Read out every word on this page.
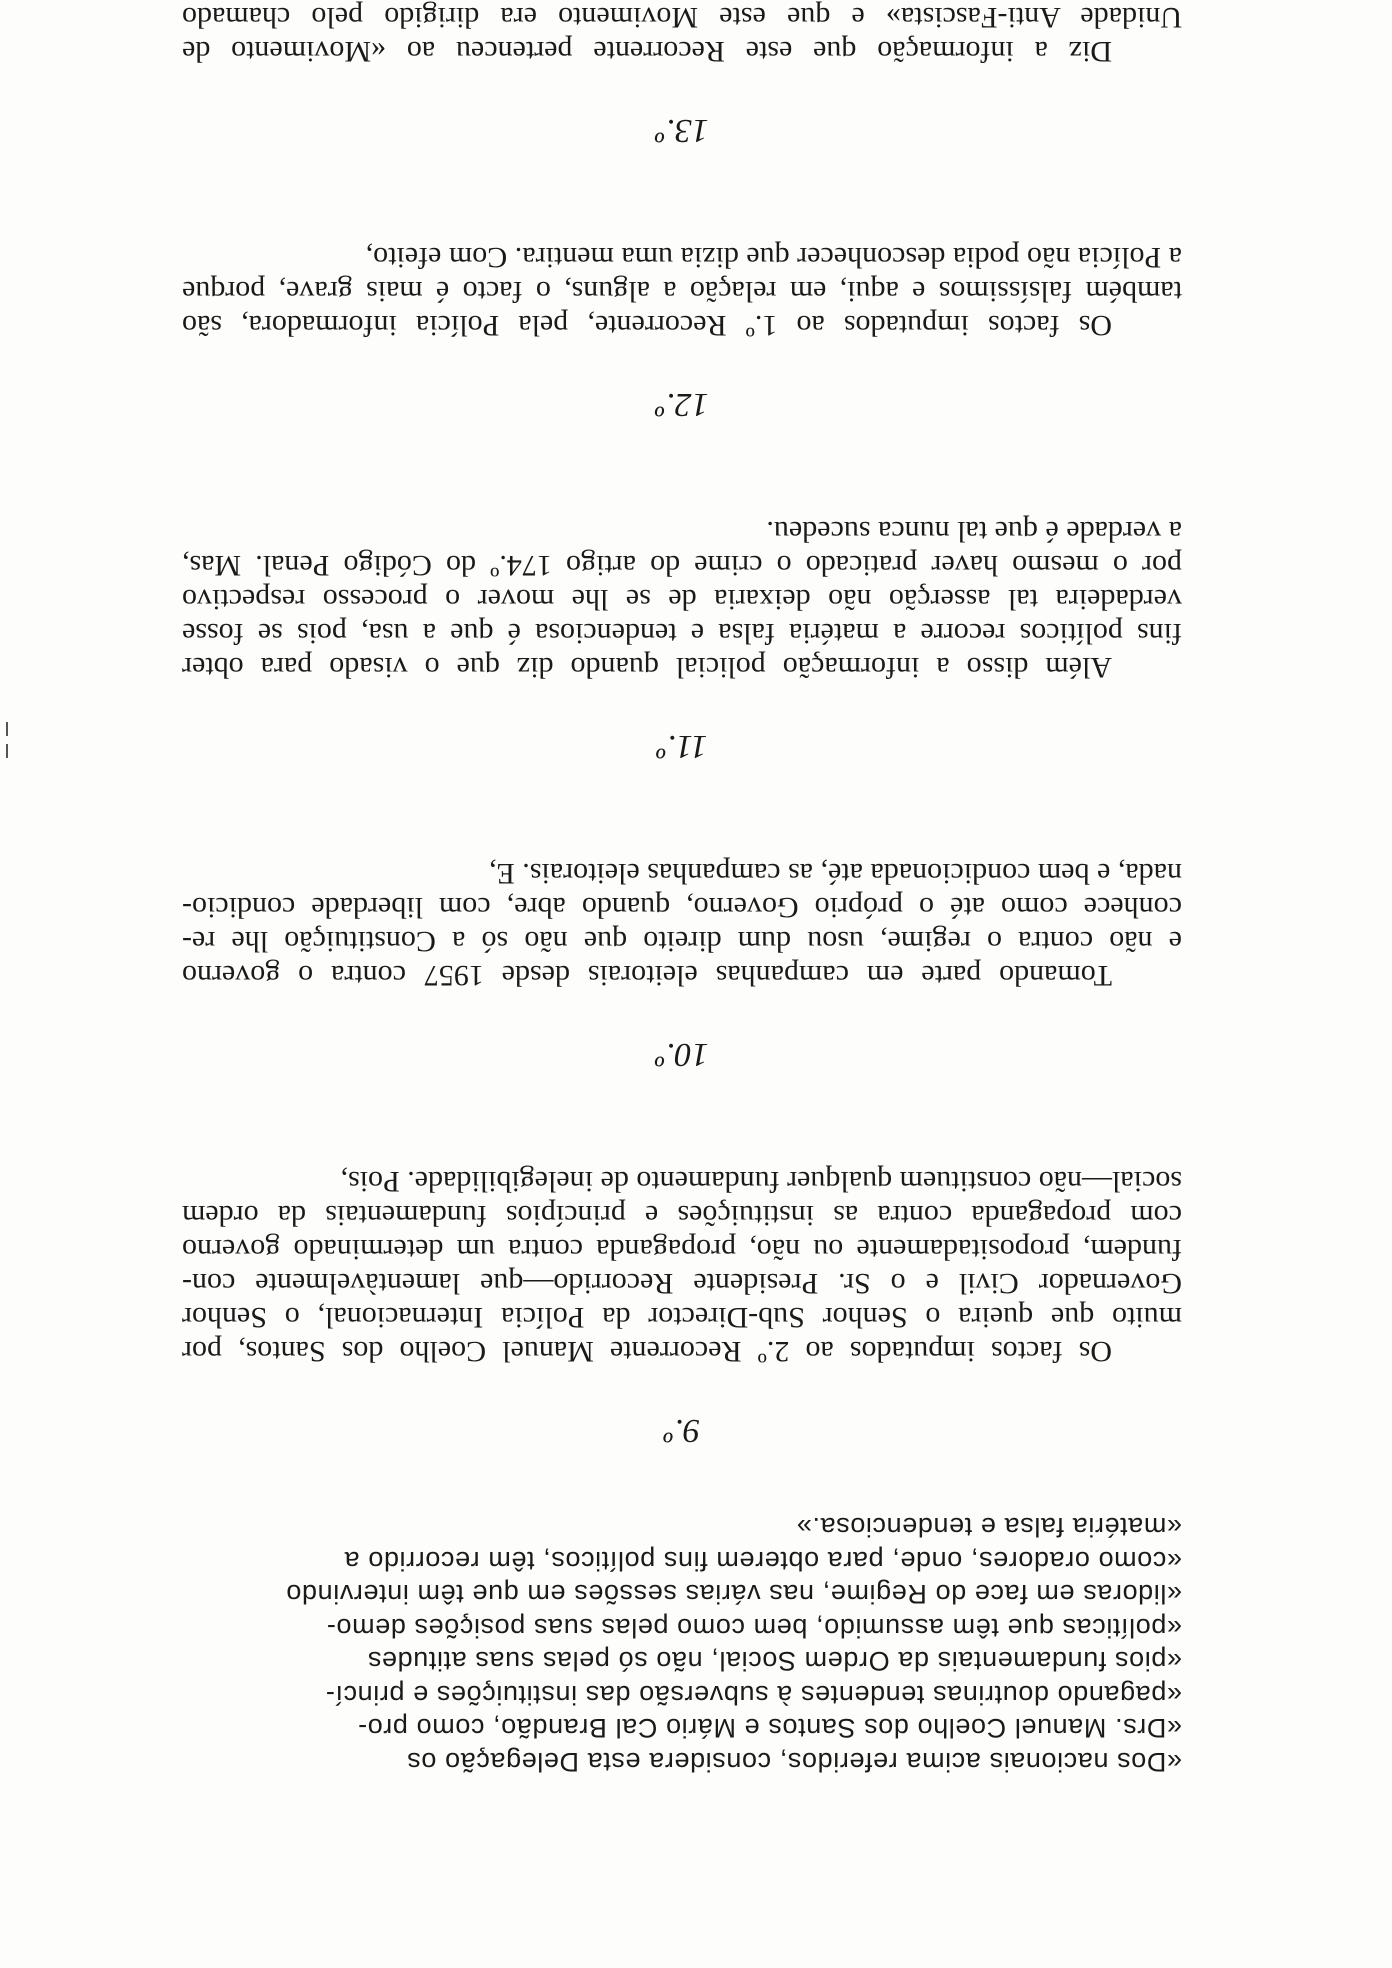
«Dos nacionais acima referidos, considera esta Delegação os
«Drs. Manuel Coelho dos Santos e Mário Cal Brandão, como pro-
«pagando doutrinas tendentes à subversão das instituições e princí-
«pios fundamentais da Ordem Social, não só pelas suas atitudes
«políticas que têm assumido, bem como pelas suas posições demo-
«lidoras em face do Regime, nas várias sessões em que têm intervindo
«como oradores, onde, para obterem fins políticos, têm recorrido a
«matéria falsa e tendenciosa.»
9.º
Os factos imputados ao 2.º Recorrente Manuel Coelho dos Santos, por
muito que queira o Senhor Sub-Director da Polícia Internacional, o Senhor
Governador Civil e o Sr. Presidente Recorrido—que lamentàvelmente con-
fundem, propositadamente ou não, propaganda contra um determinado governo
com propaganda contra as instituições e princípios fundamentais da ordem
social—não constituem qualquer fundamento de inelegibilidade. Pois,
10.º
Tomando parte em campanhas eleitorais desde 1957 contra o governo
e não contra o regime, usou dum direito que não só a Constituição lhe re-
conhece como até o próprio Governo, quando abre, com liberdade condicio-
nada, e bem condicionada até, as campanhas eleitorais. E,
11.º
Além disso a informação policial quando diz que o visado para obter
fins políticos recorre a matéria falsa e tendenciosa é que a usa, pois se fosse
verdadeira tal asserção não deixaria de se lhe mover o processo respectivo
por o mesmo haver praticado o crime do artigo 174.º do Código Penal. Mas,
a verdade é que tal nunca sucedeu.
12.º
Os factos imputados ao 1.º Recorrente, pela Polícia informadora, são
também falsíssimos e aqui, em relação a alguns, o facto é mais grave, porque
a Polícia não podia desconhecer que dizia uma mentira. Com efeito,
13.º
Diz a informação que este Recorrente pertenceu ao «Movimento de
Unidade Anti-Fascista» e que este Movimento era dirigido pelo chamado
